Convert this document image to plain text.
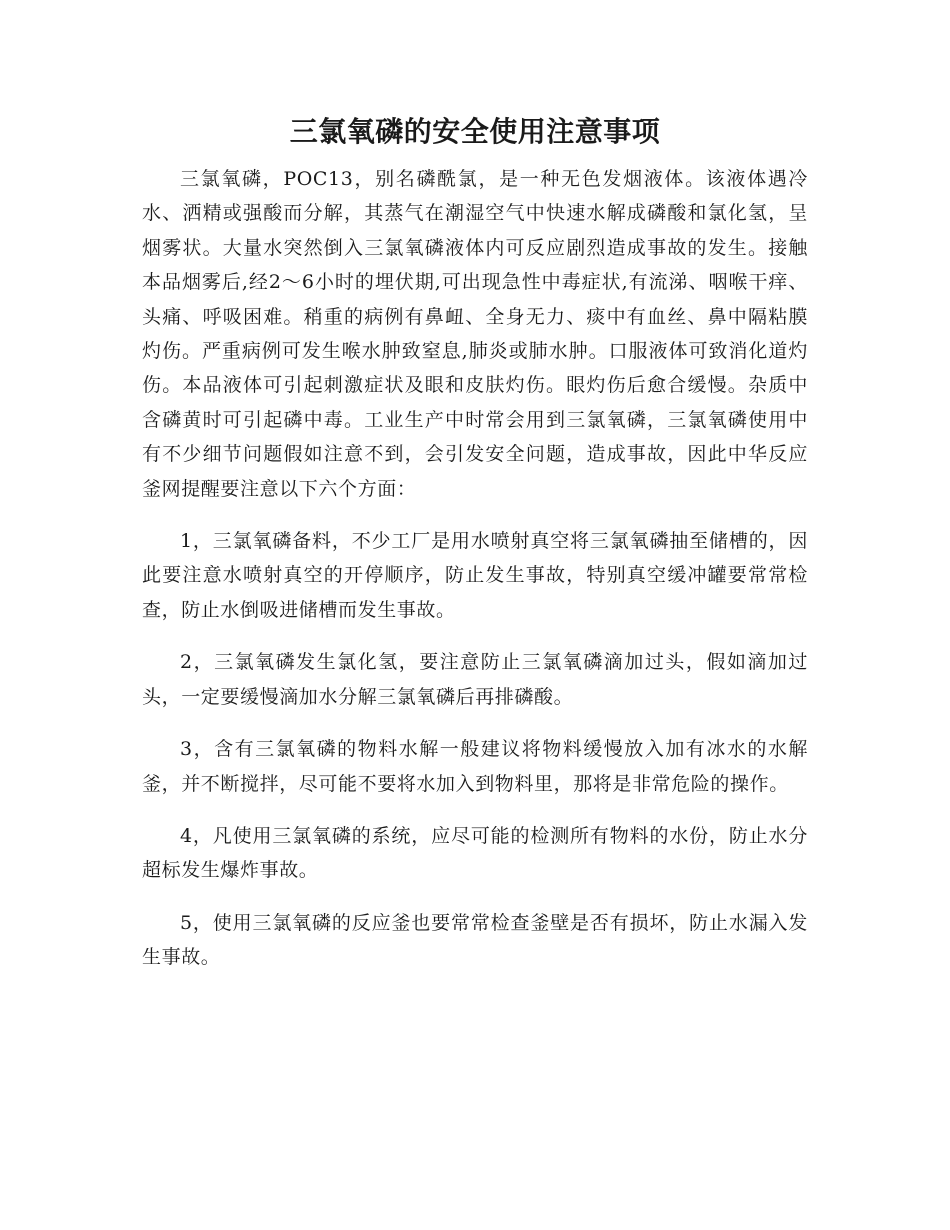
三氯氧磷的安全使用注意事项

三氯氧磷，POC13，别名磷酰氯，是一种无色发烟液体。该液体遇冷水、洒精或强酸而分解，其蒸气在潮湿空气中快速水解成磷酸和氯化氢，呈烟雾状。大量水突然倒入三氯氧磷液体内可反应剧烈造成事故的发生。接触本品烟雾后,经2～6小时的埋伏期,可出现急性中毒症状,有流涕、咽喉干痒、头痛、呼吸困难。稍重的病例有鼻衄、全身无力、痰中有血丝、鼻中隔粘膜灼伤。严重病例可发生喉水肿致窒息,肺炎或肺水肿。口服液体可致消化道灼伤。本品液体可引起刺激症状及眼和皮肤灼伤。眼灼伤后愈合缓慢。杂质中含磷黄时可引起磷中毒。工业生产中时常会用到三氯氧磷，三氯氧磷使用中有不少细节问题假如注意不到，会引发安全问题，造成事故，因此中华反应釜网提醒要注意以下六个方面：

1，三氯氧磷备料，不少工厂是用水喷射真空将三氯氧磷抽至储槽的，因此要注意水喷射真空的开停顺序，防止发生事故，特别真空缓冲罐要常常检查，防止水倒吸进储槽而发生事故。

2，三氯氧磷发生氯化氢，要注意防止三氯氧磷滴加过头，假如滴加过头，一定要缓慢滴加水分解三氯氧磷后再排磷酸。

3，含有三氯氧磷的物料水解一般建议将物料缓慢放入加有冰水的水解釜，并不断搅拌，尽可能不要将水加入到物料里，那将是非常危险的操作。

4，凡使用三氯氧磷的系统，应尽可能的检测所有物料的水份，防止水分超标发生爆炸事故。

5，使用三氯氧磷的反应釜也要常常检查釜壁是否有损坏，防止水漏入发生事故。
